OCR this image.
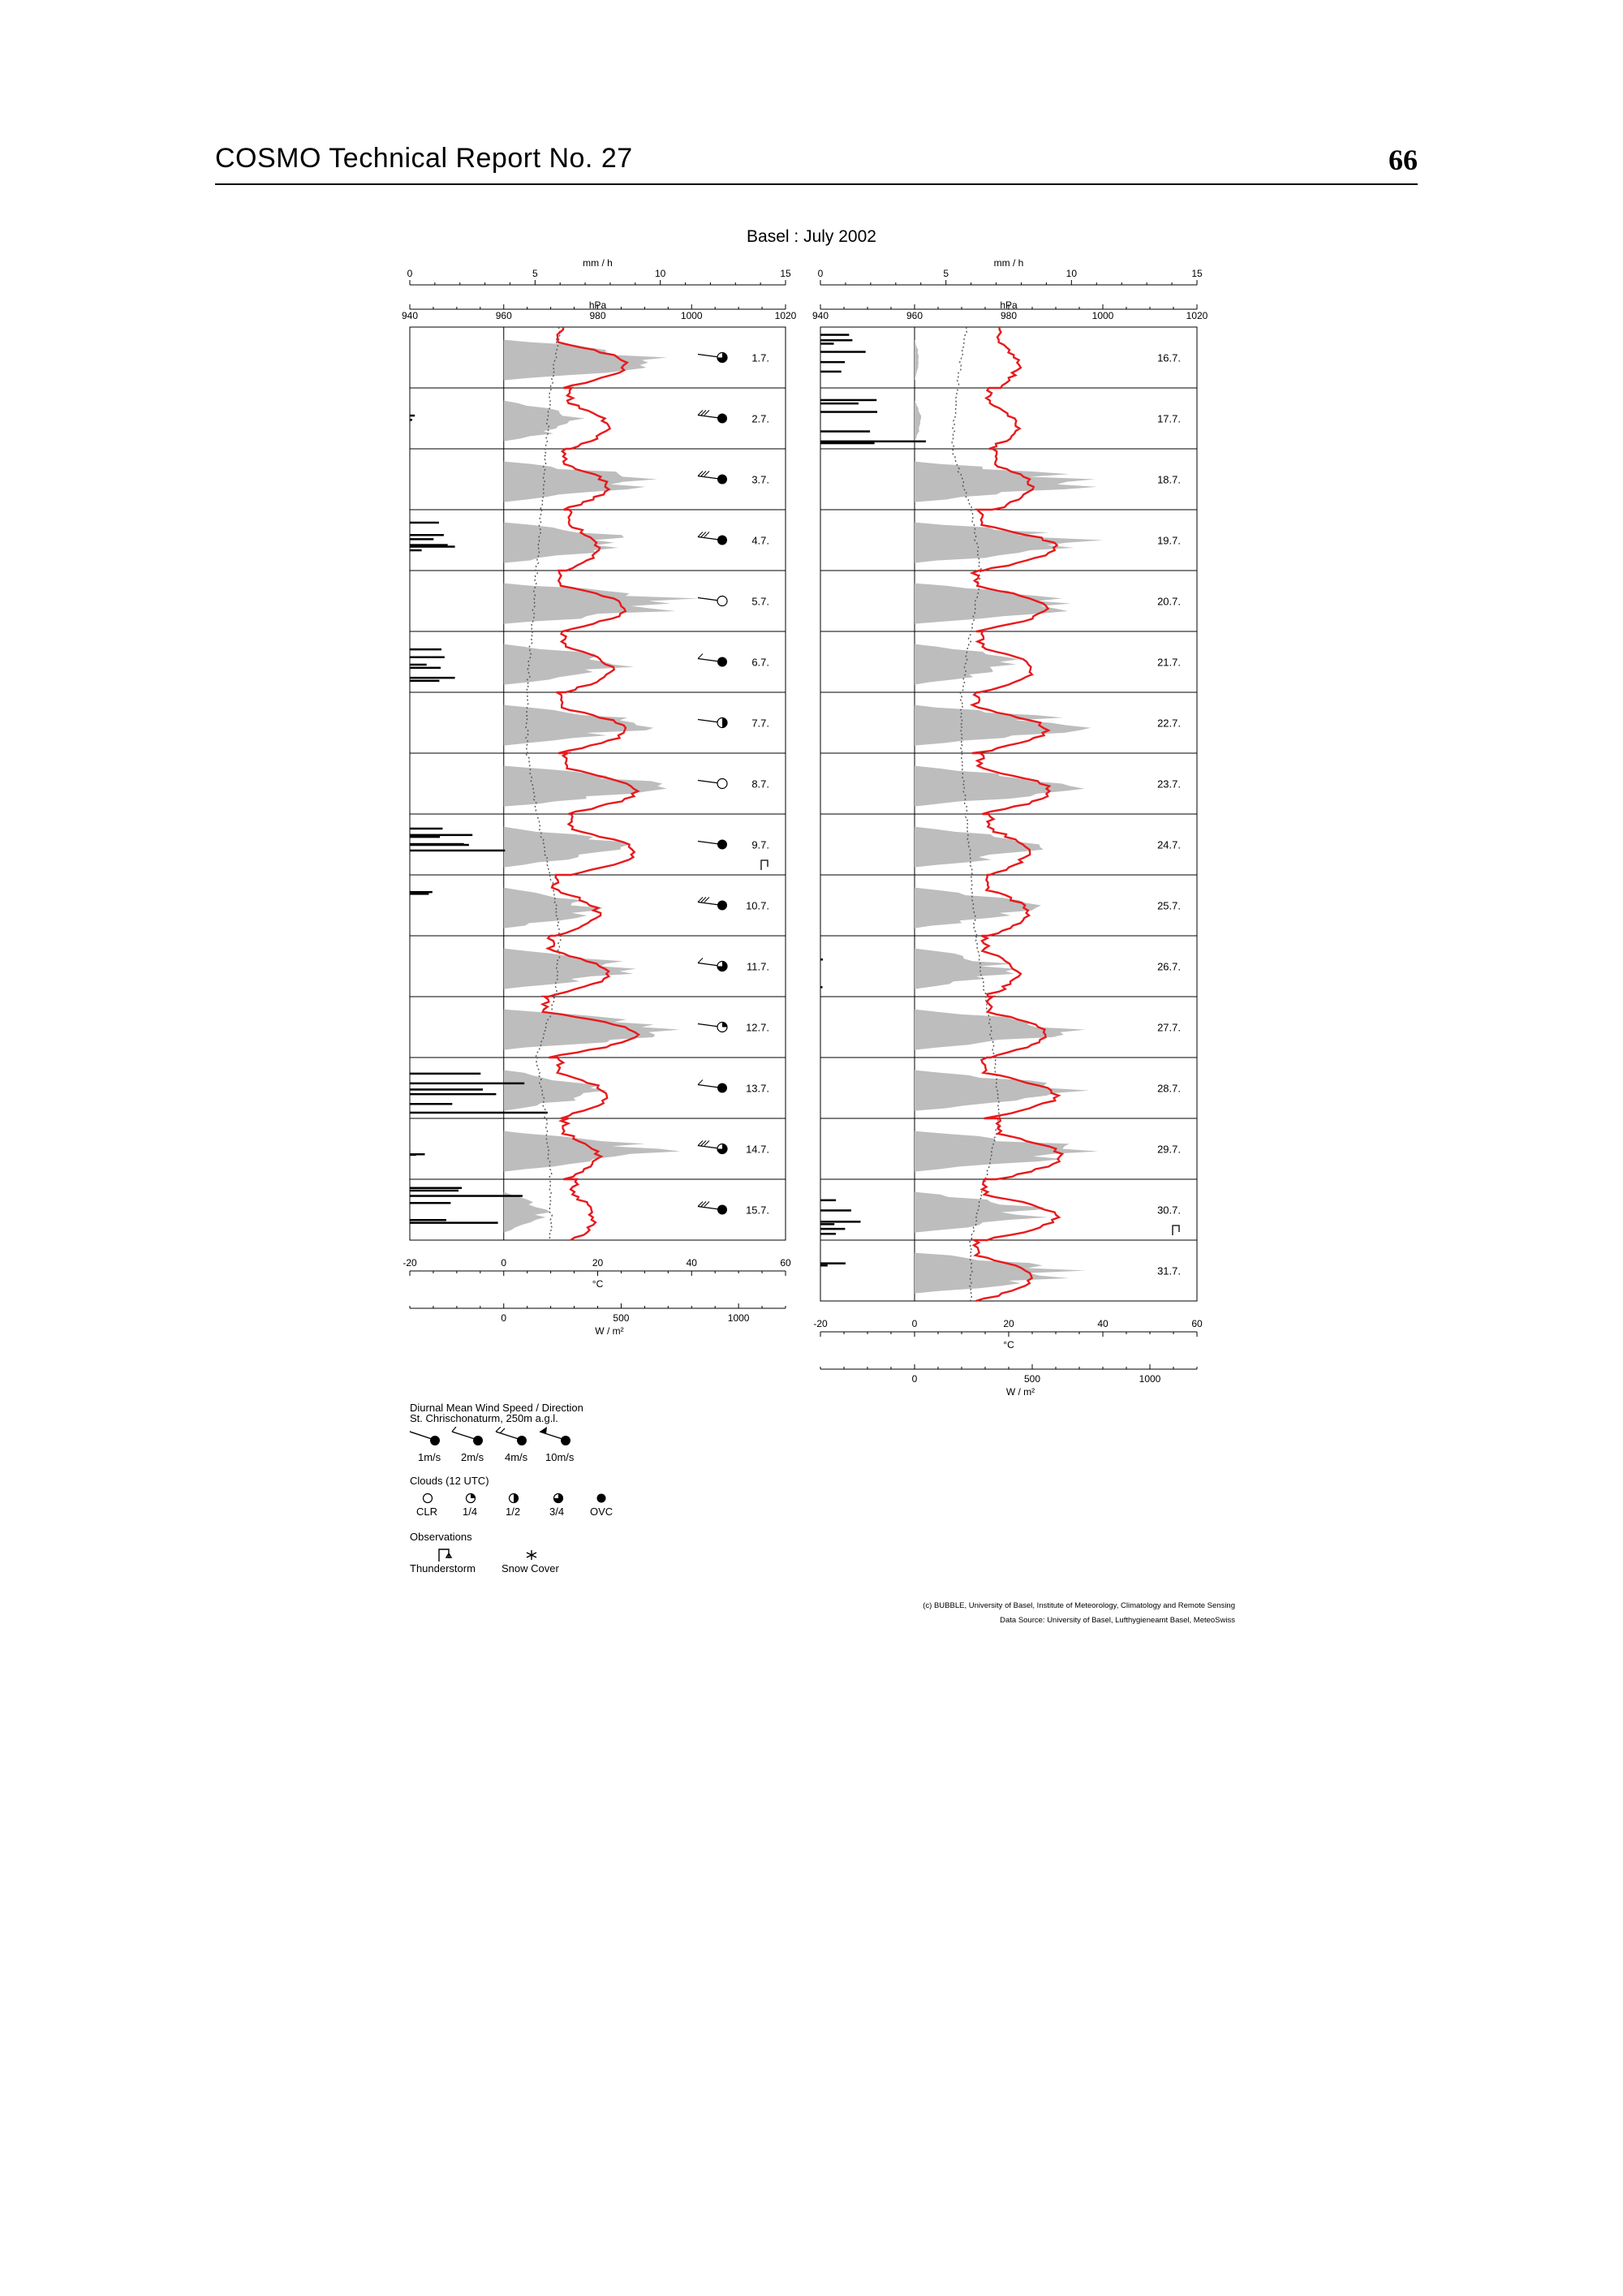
COSMO Technical Report No. 27	66
Basel : July 2002
0	5	10	15
mm / h
940	960	980	1000	1020
hPa
1.7.
2.7.
3.7.
4.7.
5.7.
6.7.
7.7.
8.7.
9.7.
10.7.
11.7.
12.7.
13.7.
14.7.
15.7.
-20	0	20	40	60
°C
0	500	1000
W / m²
0	5	10	15
mm / h
940	960	980	1000	1020
hPa
16.7.
17.7.
18.7.
19.7.
20.7.
21.7.
22.7.
23.7.
24.7.
25.7.
26.7.
27.7.
28.7.
29.7.
30.7.
31.7.
-20	0	20	40	60
°C
0	500	1000
W / m²
Diurnal Mean Wind Speed / Direction
St. Chrischonaturm, 250m a.g.l.
1m/s 2m/s 4m/s 10m/s
Clouds (12 UTC)
CLR 1/4	1/2	3/4 OVC
Observations
Thunderstorm Snow Cover
(c) BUBBLE, University of Basel, Institute of Meteorology, Climatology and Remote Sensing
Data Source: University of Basel, Lufthygieneamt Basel, MeteoSwiss
